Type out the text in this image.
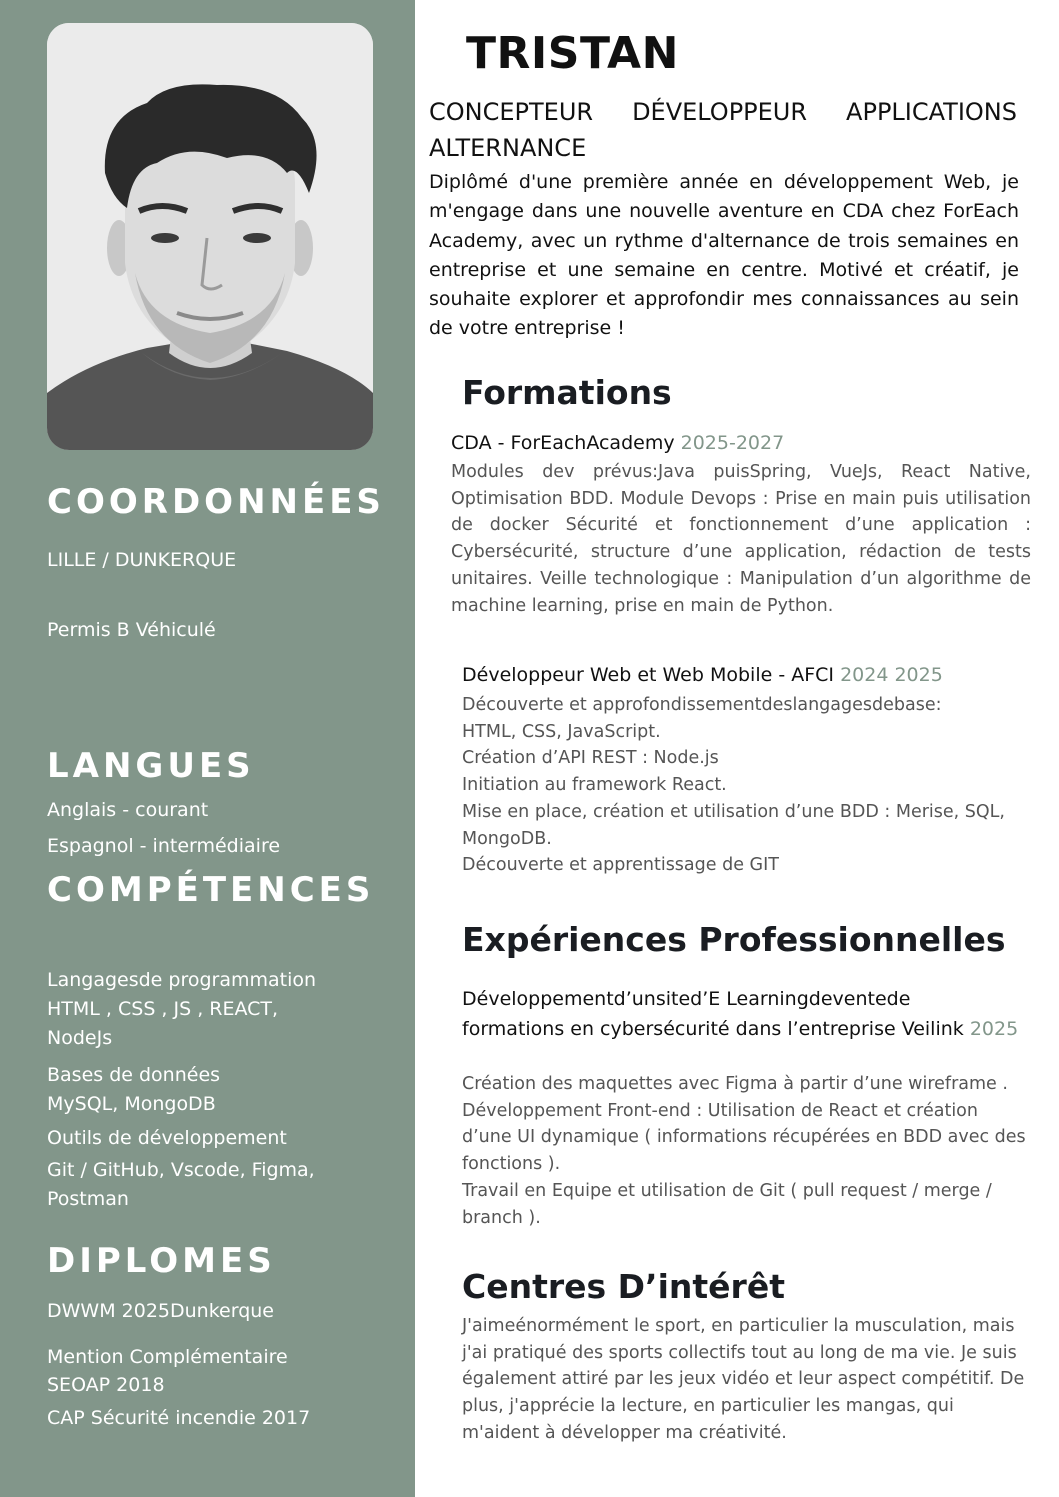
COORDONNÉES
LILLE / DUNKERQUE
Permis B Véhiculé
LANGUES
Anglais - courant
Espagnol - intermédiaire
COMPÉTENCES
Langagesde programmation
HTML , CSS , JS , REACT,
NodeJs
Bases de données
MySQL, MongoDB
Outils de développement
Git / GitHub, Vscode, Figma,
Postman
DIPLOMES
DWWM 2025Dunkerque
Mention Complémentaire
SEOAP 2018
CAP Sécurité incendie 2017
TRISTAN
CONCEPTEUR DÉVELOPPEUR APPLICATIONS
ALTERNANCE

Diplômé d'une première année en développement Web, je m'engage dans une nouvelle aventure en CDA chez ForEach Academy, avec un rythme d'alternance de trois semaines en entreprise et une semaine en centre. Motivé et créatif, je souhaite explorer et approfondir mes connaissances au sein de votre entreprise !

Formations
CDA - ForEachAcademy 2025-2027

Modules dev prévus:Java puisSpring, VueJs, React Native, Optimisation BDD. Module Devops : Prise en main puis utilisation de docker Sécurité et fonctionnement d’une application : Cybersécurité, structure d’une application, rédaction de tests unitaires. Veille technologique : Manipulation d’un algorithme de machine learning, prise en main de Python.

Développeur Web et Web Mobile - AFCI 2024 2025
Découverte et approfondissementdeslangagesdebase:
HTML, CSS, JavaScript.
Création d’API REST : Node.js
Initiation au framework React.
Mise en place, création et utilisation d’une BDD : Merise, SQL,
MongoDB.
Découverte et apprentissage de GIT
Expériences Professionnelles
Développementd’unsited’E Learningdeventede
formations en cybersécurité dans l’entreprise Veilink 2025
Création des maquettes avec Figma à partir d’une wireframe .
Développement Front-end : Utilisation de React et création
d’une UI dynamique ( informations récupérées en BDD avec des
fonctions ).
Travail en Equipe et utilisation de Git ( pull request / merge /
branch ).
Centres D’intérêt
J'aimeénormément le sport, en particulier la musculation, mais
j'ai pratiqué des sports collectifs tout au long de ma vie. Je suis
également attiré par les jeux vidéo et leur aspect compétitif. De
plus, j'apprécie la lecture, en particulier les mangas, qui
m'aident à développer ma créativité.
